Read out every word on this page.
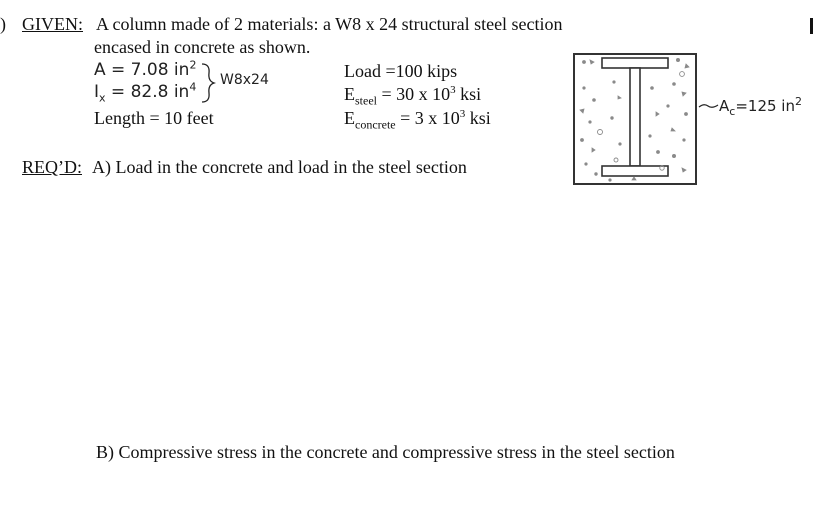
) GIVEN: A column made of 2 materials: a W8 x 24 structural steel section
encased in concrete as shown.
A = 7.08 $in^2$
$I_x = 82.8$ $in^4$ W8x24
Length = 10 feet
Load =100 kips
$E_{steel} = 30$ x $10^3$ ksi
$E_{concrete} = 3$ x $10^3$ ksi
$A_c=125$ $in^2$
REQ’D: A) Load in the concrete and load in the steel section
B) Compressive stress in the concrete and compressive stress in the steel section
